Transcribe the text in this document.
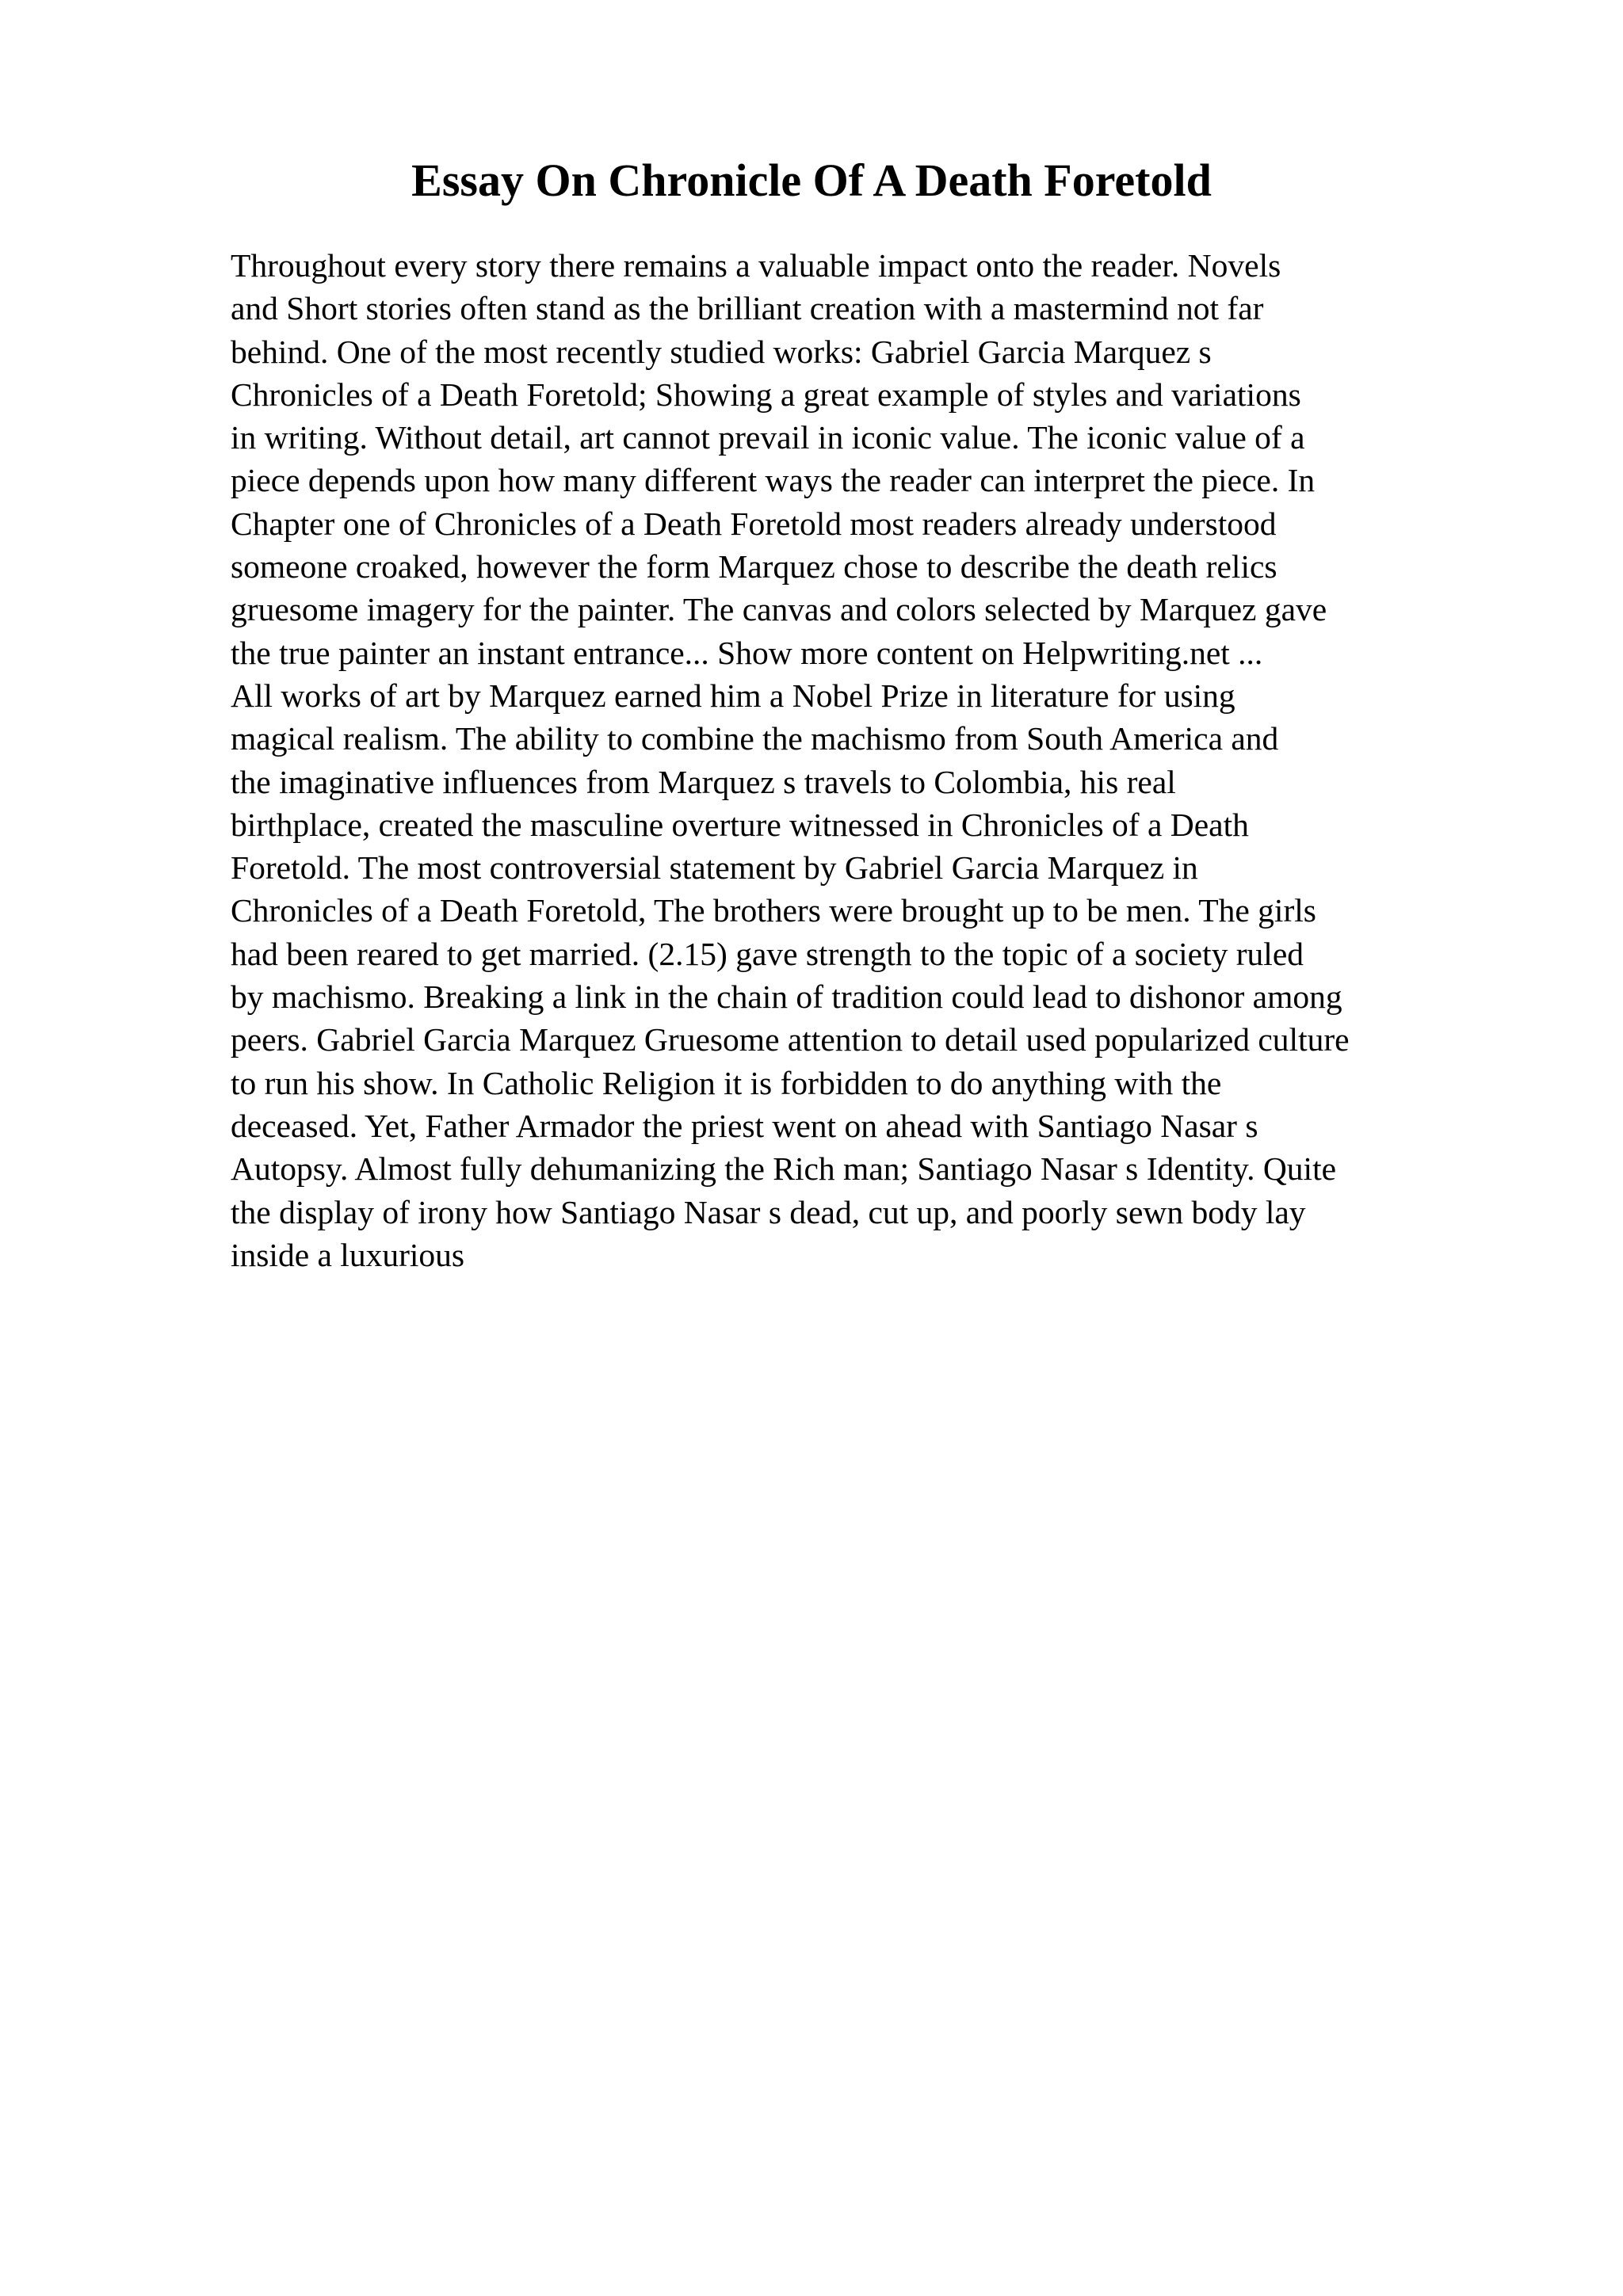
Essay On Chronicle Of A Death Foretold
Throughout every story there remains a valuable impact onto the reader. Novels
and Short stories often stand as the brilliant creation with a mastermind not far
behind. One of the most recently studied works: Gabriel Garcia Marquez s
Chronicles of a Death Foretold; Showing a great example of styles and variations
in writing. Without detail, art cannot prevail in iconic value. The iconic value of a
piece depends upon how many different ways the reader can interpret the piece. In
Chapter one of Chronicles of a Death Foretold most readers already understood
someone croaked, however the form Marquez chose to describe the death relics
gruesome imagery for the painter. The canvas and colors selected by Marquez gave
the true painter an instant entrance... Show more content on Helpwriting.net ...
All works of art by Marquez earned him a Nobel Prize in literature for using
magical realism. The ability to combine the machismo from South America and
the imaginative influences from Marquez s travels to Colombia, his real
birthplace, created the masculine overture witnessed in Chronicles of a Death
Foretold. The most controversial statement by Gabriel Garcia Marquez in
Chronicles of a Death Foretold, The brothers were brought up to be men. The girls
had been reared to get married. (2.15) gave strength to the topic of a society ruled
by machismo. Breaking a link in the chain of tradition could lead to dishonor among
peers. Gabriel Garcia Marquez Gruesome attention to detail used popularized culture
to run his show. In Catholic Religion it is forbidden to do anything with the
deceased. Yet, Father Armador the priest went on ahead with Santiago Nasar s
Autopsy. Almost fully dehumanizing the Rich man; Santiago Nasar s Identity. Quite
the display of irony how Santiago Nasar s dead, cut up, and poorly sewn body lay
inside a luxurious
